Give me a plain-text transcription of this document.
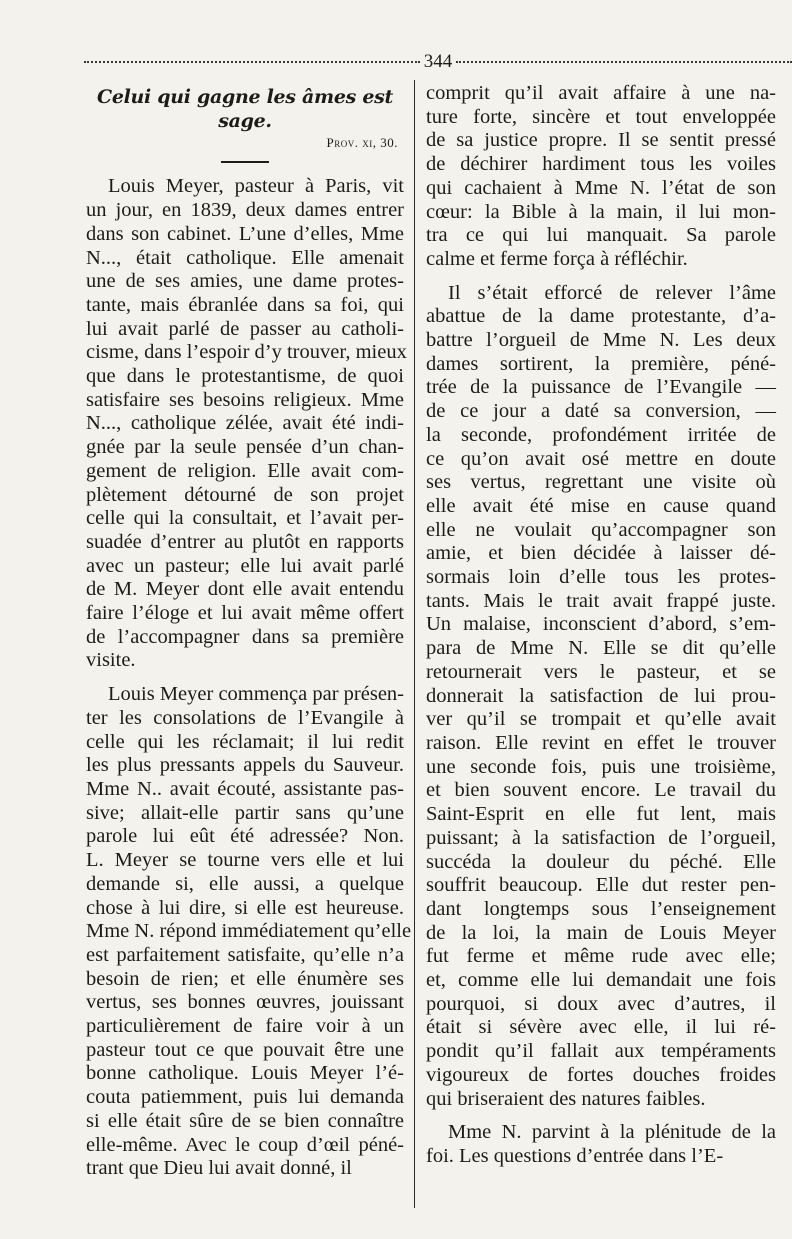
344
Celui qui gagne les âmes est sage.
Prov. xi, 30.
Louis Meyer, pasteur à Paris, vit
un jour, en 1839, deux dames entrer
dans son cabinet. L’une d’elles, Mme
N..., était catholique. Elle amenait
une de ses amies, une dame protes-
tante, mais ébranlée dans sa foi, qui
lui avait parlé de passer au catholi-
cisme, dans l’espoir d’y trouver, mieux
que dans le protestantisme, de quoi
satisfaire ses besoins religieux. Mme
N..., catholique zélée, avait été indi-
gnée par la seule pensée d’un chan-
gement de religion. Elle avait com-
plètement détourné de son projet
celle qui la consultait, et l’avait per-
suadée d’entrer au plutôt en rapports
avec un pasteur; elle lui avait parlé
de M. Meyer dont elle avait entendu
faire l’éloge et lui avait même offert
de l’accompagner dans sa première
visite.
Louis Meyer commença par présen-
ter les consolations de l’Evangile à
celle qui les réclamait; il lui redit
les plus pressants appels du Sauveur.
Mme N.. avait écouté, assistante pas-
sive; allait-elle partir sans qu’une
parole lui eût été adressée? Non.
L. Meyer se tourne vers elle et lui
demande si, elle aussi, a quelque
chose à lui dire, si elle est heureuse.
Mme N. répond immédiatement qu’elle
est parfaitement satisfaite, qu’elle n’a
besoin de rien; et elle énumère ses
vertus, ses bonnes œuvres, jouissant
particulièrement de faire voir à un
pasteur tout ce que pouvait être une
bonne catholique. Louis Meyer l’é-
couta patiemment, puis lui demanda
si elle était sûre de se bien connaître
elle-même. Avec le coup d’œil péné-
trant que Dieu lui avait donné, il
comprit qu’il avait affaire à une na-
ture forte, sincère et tout enveloppée
de sa justice propre. Il se sentit pressé
de déchirer hardiment tous les voiles
qui cachaient à Mme N. l’état de son
cœur: la Bible à la main, il lui mon-
tra ce qui lui manquait. Sa parole
calme et ferme força à réfléchir.
Il s’était efforcé de relever l’âme
abattue de la dame protestante, d’a-
battre l’orgueil de Mme N. Les deux
dames sortirent, la première, péné-
trée de la puissance de l’Evangile —
de ce jour a daté sa conversion, —
la seconde, profondément irritée de
ce qu’on avait osé mettre en doute
ses vertus, regrettant une visite où
elle avait été mise en cause quand
elle ne voulait qu’accompagner son
amie, et bien décidée à laisser dé-
sormais loin d’elle tous les protes-
tants. Mais le trait avait frappé juste.
Un malaise, inconscient d’abord, s’em-
para de Mme N. Elle se dit qu’elle
retournerait vers le pasteur, et se
donnerait la satisfaction de lui prou-
ver qu’il se trompait et qu’elle avait
raison. Elle revint en effet le trouver
une seconde fois, puis une troisième,
et bien souvent encore. Le travail du
Saint-Esprit en elle fut lent, mais
puissant; à la satisfaction de l’orgueil,
succéda la douleur du péché. Elle
souffrit beaucoup. Elle dut rester pen-
dant longtemps sous l’enseignement
de la loi, la main de Louis Meyer
fut ferme et même rude avec elle;
et, comme elle lui demandait une fois
pourquoi, si doux avec d’autres, il
était si sévère avec elle, il lui ré-
pondit qu’il fallait aux tempéraments
vigoureux de fortes douches froides
qui briseraient des natures faibles.
Mme N. parvint à la plénitude de la
foi. Les questions d’entrée dans l’E-
